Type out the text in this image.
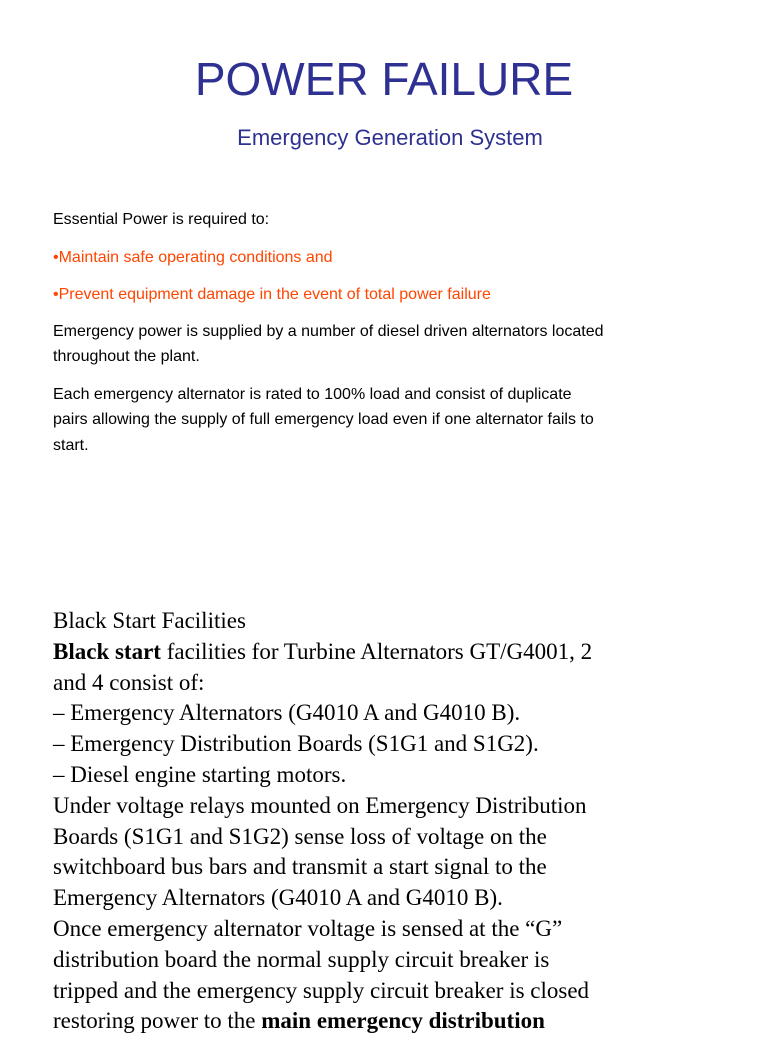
POWER FAILURE
Emergency Generation System

Essential Power is required to:

•Maintain safe operating conditions and

•Prevent equipment damage in the event of total power failure

Emergency power is supplied by a number of diesel driven alternators located

throughout the plant.

Each emergency alternator is rated to 100% load and consist of duplicate

pairs allowing the supply of full emergency load even if one alternator fails to

start.

Black Start Facilities
Black start facilities for Turbine Alternators GT/G4001, 2
and 4 consist of:
– Emergency Alternators (G4010 A and G4010 B).
– Emergency Distribution Boards (S1G1 and S1G2).
– Diesel engine starting motors.
Under voltage relays mounted on Emergency Distribution
Boards (S1G1 and S1G2) sense loss of voltage on the
switchboard bus bars and transmit a start signal to the
Emergency Alternators (G4010 A and G4010 B).
Once emergency alternator voltage is sensed at the “G”
distribution board the normal supply circuit breaker is
tripped and the emergency supply circuit breaker is closed
restoring power to the main emergency distribution
